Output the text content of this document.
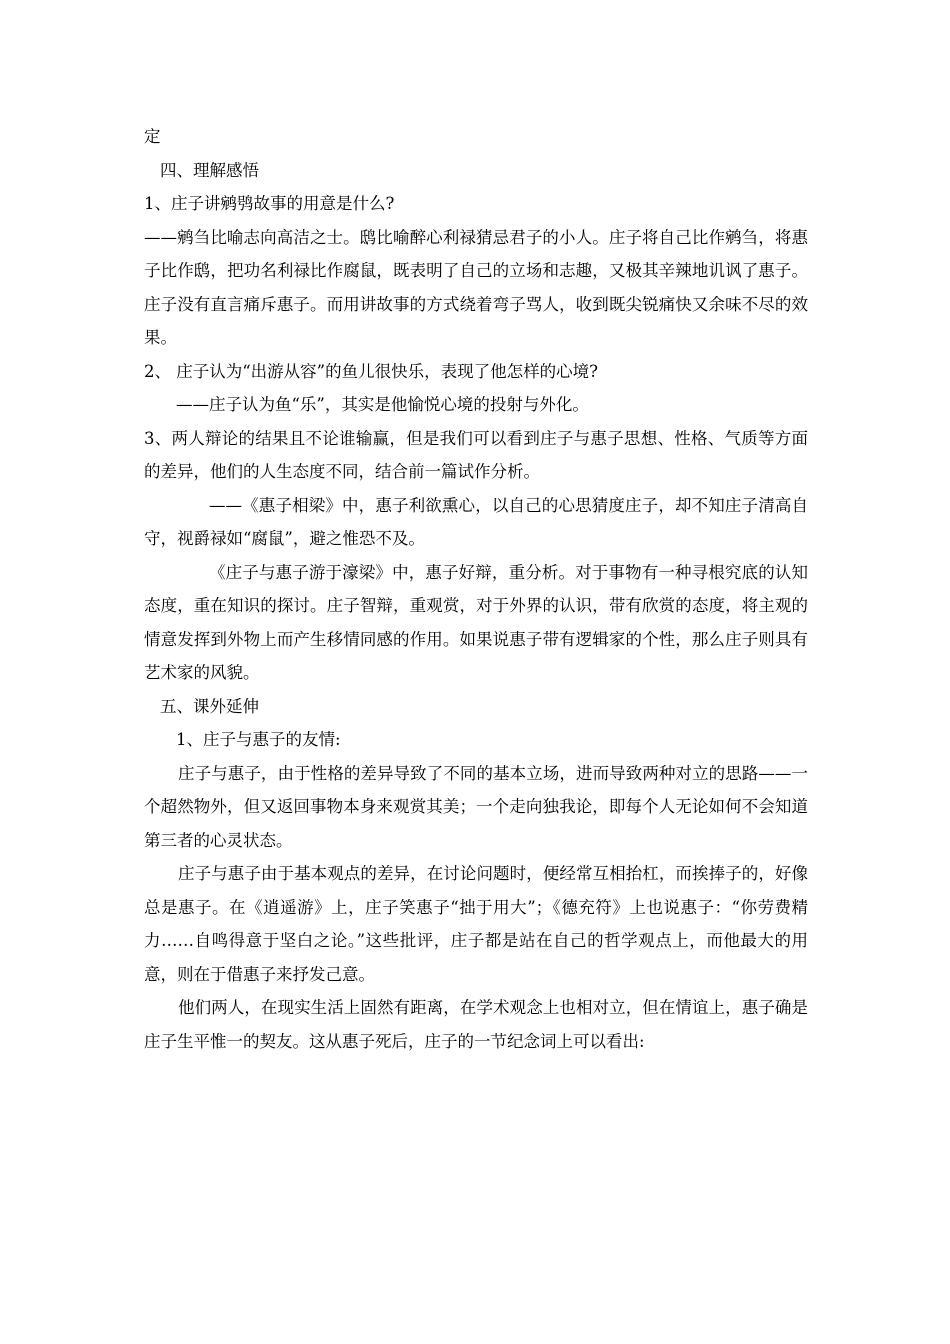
定

四、理解感悟

1、庄子讲鹓鸮故事的用意是什么?

——鹓刍比喻志向高洁之士。鸱比喻醉心利禄猜忌君子的小人。庄子将自己比作鹓刍，将惠子比作鸱，把功名利禄比作腐鼠，既表明了自己的立场和志趣，又极其辛辣地讥讽了惠子。庄子没有直言痛斥惠子。而用讲故事的方式绕着弯子骂人，收到既尖锐痛快又余味不尽的效果。

2、 庄子认为“出游从容”的鱼儿很快乐，表现了他怎样的心境?

——庄子认为鱼“乐”，其实是他愉悦心境的投射与外化。

3、两人辩论的结果且不论谁输赢，但是我们可以看到庄子与惠子思想、性格、气质等方面的差异，他们的人生态度不同，结合前一篇试作分析。

——《惠子相梁》中，惠子利欲熏心，以自己的心思猜度庄子，却不知庄子清高自守，视爵禄如“腐鼠”，避之惟恐不及。

《庄子与惠子游于濠梁》中，惠子好辩，重分析。对于事物有一种寻根究底的认知态度，重在知识的探讨。庄子智辩，重观赏，对于外界的认识，带有欣赏的态度，将主观的情意发挥到外物上而产生移情同感的作用。如果说惠子带有逻辑家的个性，那么庄子则具有艺术家的风貌。

五、课外延伸

1、庄子与惠子的友情:

庄子与惠子，由于性格的差异导致了不同的基本立场，进而导致两种对立的思路——一个超然物外，但又返回事物本身来观赏其美；一个走向独我论，即每个人无论如何不会知道第三者的心灵状态。

庄子与惠子由于基本观点的差异，在讨论问题时，便经常互相抬杠，而挨捧子的，好像总是惠子。在《逍遥游》上，庄子笑惠子“拙于用大”；《德充符》上也说惠子：“你劳费精力……自鸣得意于坚白之论。”这些批评，庄子都是站在自己的哲学观点上，而他最大的用意，则在于借惠子来抒发己意。

他们两人，在现实生活上固然有距离，在学术观念上也相对立，但在情谊上，惠子确是庄子生平惟一的契友。这从惠子死后，庄子的一节纪念词上可以看出:
